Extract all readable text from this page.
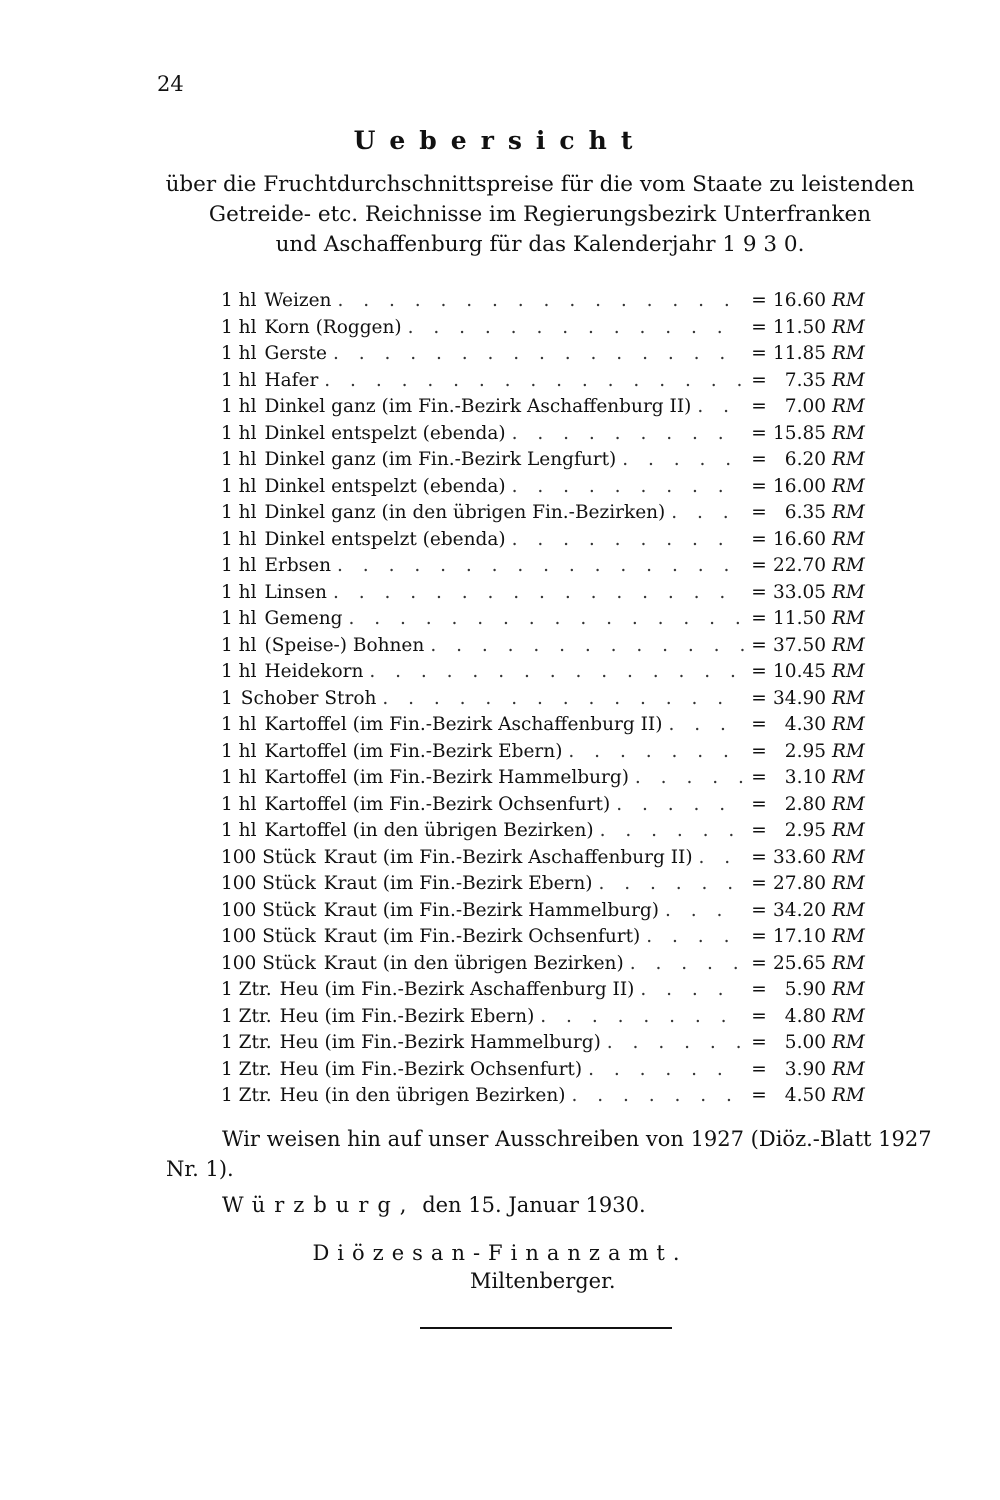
24
Uebersicht
über die Fruchtdurchschnittspreise für die vom Staate zu leistenden
Getreide- etc. Reichnisse im Regierungsbezirk Unterfranken
und Aschaffenburg für das Kalenderjahr 1 9 3 0.
1 hl Weizen . . .	= 16.60 RM
1 hl Korn (Roggen) . . .	= 11.50 RM
1 hl Gerste . . .	= 11.85 RM
1 hl Hafer . . .	= 7.35 RM
1 hl Dinkel ganz (im Fin.-Bezirk Aschaffenburg II) . . .	= 7.00 RM
1 hl Dinkel entspelzt (ebenda) . . .	= 15.85 RM
1 hl Dinkel ganz (im Fin.-Bezirk Lengfurt) . . .	= 6.20 RM
1 hl Dinkel entspelzt (ebenda) . . .	= 16.00 RM
1 hl Dinkel ganz (in den übrigen Fin.-Bezirken) . . .	= 6.35 RM
1 hl Dinkel entspelzt (ebenda) . . .	= 16.60 RM
1 hl Erbsen . . .	= 22.70 RM
1 hl Linsen . . .	= 33.05 RM
1 hl Gemeng . . .	= 11.50 RM
1 hl (Speise-) Bohnen . . .	= 37.50 RM
1 hl Heidekorn . . .	= 10.45 RM
1 Schober Stroh . . .	= 34.90 RM
1 hl Kartoffel (im Fin.-Bezirk Aschaffenburg II) . . .	= 4.30 RM
1 hl Kartoffel (im Fin.-Bezirk Ebern) . . .	= 2.95 RM
1 hl Kartoffel (im Fin.-Bezirk Hammelburg) . . .	= 3.10 RM
1 hl Kartoffel (im Fin.-Bezirk Ochsenfurt) . . .	= 2.80 RM
1 hl Kartoffel (in den übrigen Bezirken) . . .	= 2.95 RM
100 Stück Kraut (im Fin.-Bezirk Aschaffenburg II) . . .	= 33.60 RM
100 Stück Kraut (im Fin.-Bezirk Ebern) . . .	= 27.80 RM
100 Stück Kraut (im Fin.-Bezirk Hammelburg) . . .	= 34.20 RM
100 Stück Kraut (im Fin.-Bezirk Ochsenfurt) . . .	= 17.10 RM
100 Stück Kraut (in den übrigen Bezirken) . . .	= 25.65 RM
1 Ztr. Heu (im Fin.-Bezirk Aschaffenburg II) . . .	= 5.90 RM
1 Ztr. Heu (im Fin.-Bezirk Ebern) . . .	= 4.80 RM
1 Ztr. Heu (im Fin.-Bezirk Hammelburg) . . .	= 5.00 RM
1 Ztr. Heu (im Fin.-Bezirk Ochsenfurt) . . .	= 3.90 RM
1 Ztr. Heu (in den übrigen Bezirken) . . .	= 4.50 RM
Wir weisen hin auf unser Ausschreiben von 1927 (Diöz.-Blatt 1927 Nr. 1).
Würzburg, den 15. Januar 1930.
Diözesan-Finanzamt.
Miltenberger.
